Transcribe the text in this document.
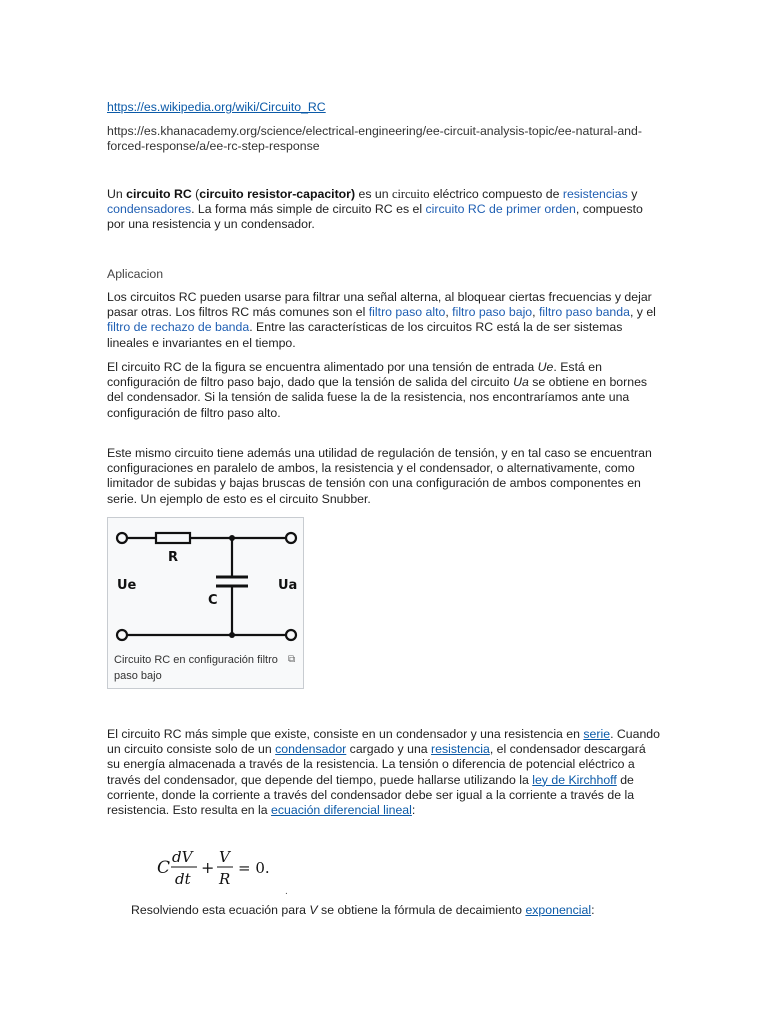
https://es.wikipedia.org/wiki/Circuito_RC
https://es.khanacademy.org/science/electrical-engineering/ee-circuit-analysis-topic/ee-natural-and-forced-response/a/ee-rc-step-response

Un circuito RC (circuito resistor-capacitor) es un circuito eléctrico compuesto de resistencias y condensadores. La forma más simple de circuito RC es el circuito RC de primer orden, compuesto por una resistencia y un condensador.

Aplicacion

Los circuitos RC pueden usarse para filtrar una señal alterna, al bloquear ciertas frecuencias y dejar pasar otras. Los filtros RC más comunes son el filtro paso alto, filtro paso bajo, filtro paso banda, y el filtro de rechazo de banda. Entre las características de los circuitos RC está la de ser sistemas lineales e invariantes en el tiempo.

El circuito RC de la figura se encuentra alimentado por una tensión de entrada Ue. Está en configuración de filtro paso bajo, dado que la tensión de salida del circuito Ua se obtiene en bornes del condensador. Si la tensión de salida fuese la de la resistencia, nos encontraríamos ante una configuración de filtro paso alto.

Este mismo circuito tiene además una utilidad de regulación de tensión, y en tal caso se encuentran configuraciones en paralelo de ambos, la resistencia y el condensador, o alternativamente, como limitador de subidas y bajas bruscas de tensión con una configuración de ambos componentes en serie. Un ejemplo de esto es el circuito Snubber.

R
C
Ue	Ua
Circuito RC en configuración filtro paso bajo
⧉

El circuito RC más simple que existe, consiste en un condensador y una resistencia en serie. Cuando un circuito consiste solo de un condensador cargado y una resistencia, el condensador descargará su energía almacenada a través de la resistencia. La tensión o diferencia de potencial eléctrico a través del condensador, que depende del tiempo, puede hallarse utilizando la ley de Kirchhoff de corriente, donde la corriente a través del condensador debe ser igual a la corriente a través de la resistencia. Esto resulta en la ecuación diferencial lineal:

C
dV
dt
+
V
R
= 0.
.

Resolviendo esta ecuación para V se obtiene la fórmula de decaimiento exponencial:
